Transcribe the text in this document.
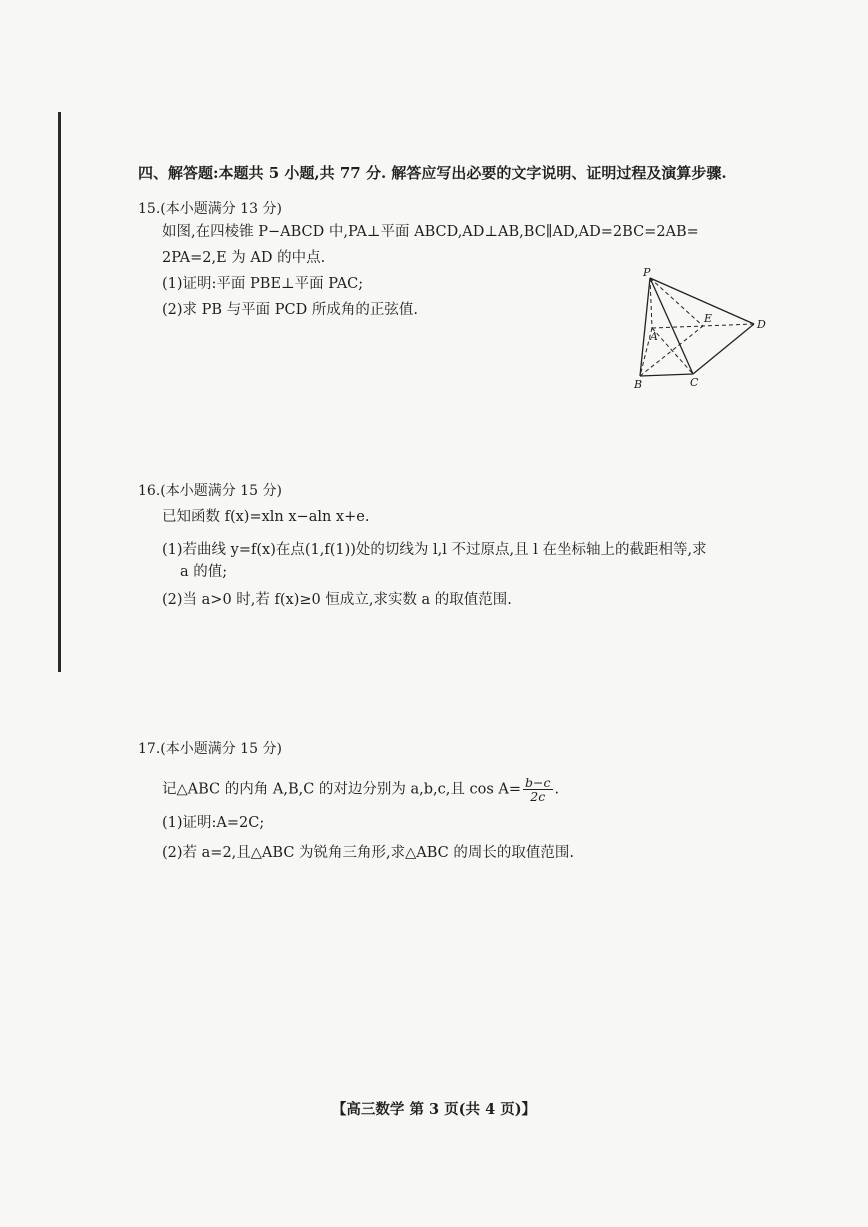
四、解答题:本题共 5 小题,共 77 分. 解答应写出必要的文字说明、证明过程及演算步骤.
15.(本小题满分 13 分)
如图,在四棱锥 P−ABCD 中,PA⊥平面 ABCD,AD⊥AB,BC∥AD,AD=2BC=2AB=
2PA=2,E 为 AD 的中点.
(1)证明:平面 PBE⊥平面 PAC;
(2)求 PB 与平面 PCD 所成角的正弦值.
P
A
B	C
D
E
16.(本小题满分 15 分)
已知函数 f(x)=xln x−aln x+e.
(1)若曲线 y=f(x)在点(1,f(1))处的切线为 l,l 不过原点,且 l 在坐标轴上的截距相等,求
a 的值;
(2)当 a>0 时,若 f(x)≥0 恒成立,求实数 a 的取值范围.
17.(本小题满分 15 分)
记△ABC 的内角 A,B,C 的对边分别为 a,b,c,且 $\cos A= \frac{b-c}{2c}$ .
(1)证明:A=2C;
(2)若 a=2,且△ABC 为锐角三角形,求△ABC 的周长的取值范围.
【高三数学 第 3 页(共 4 页)】
